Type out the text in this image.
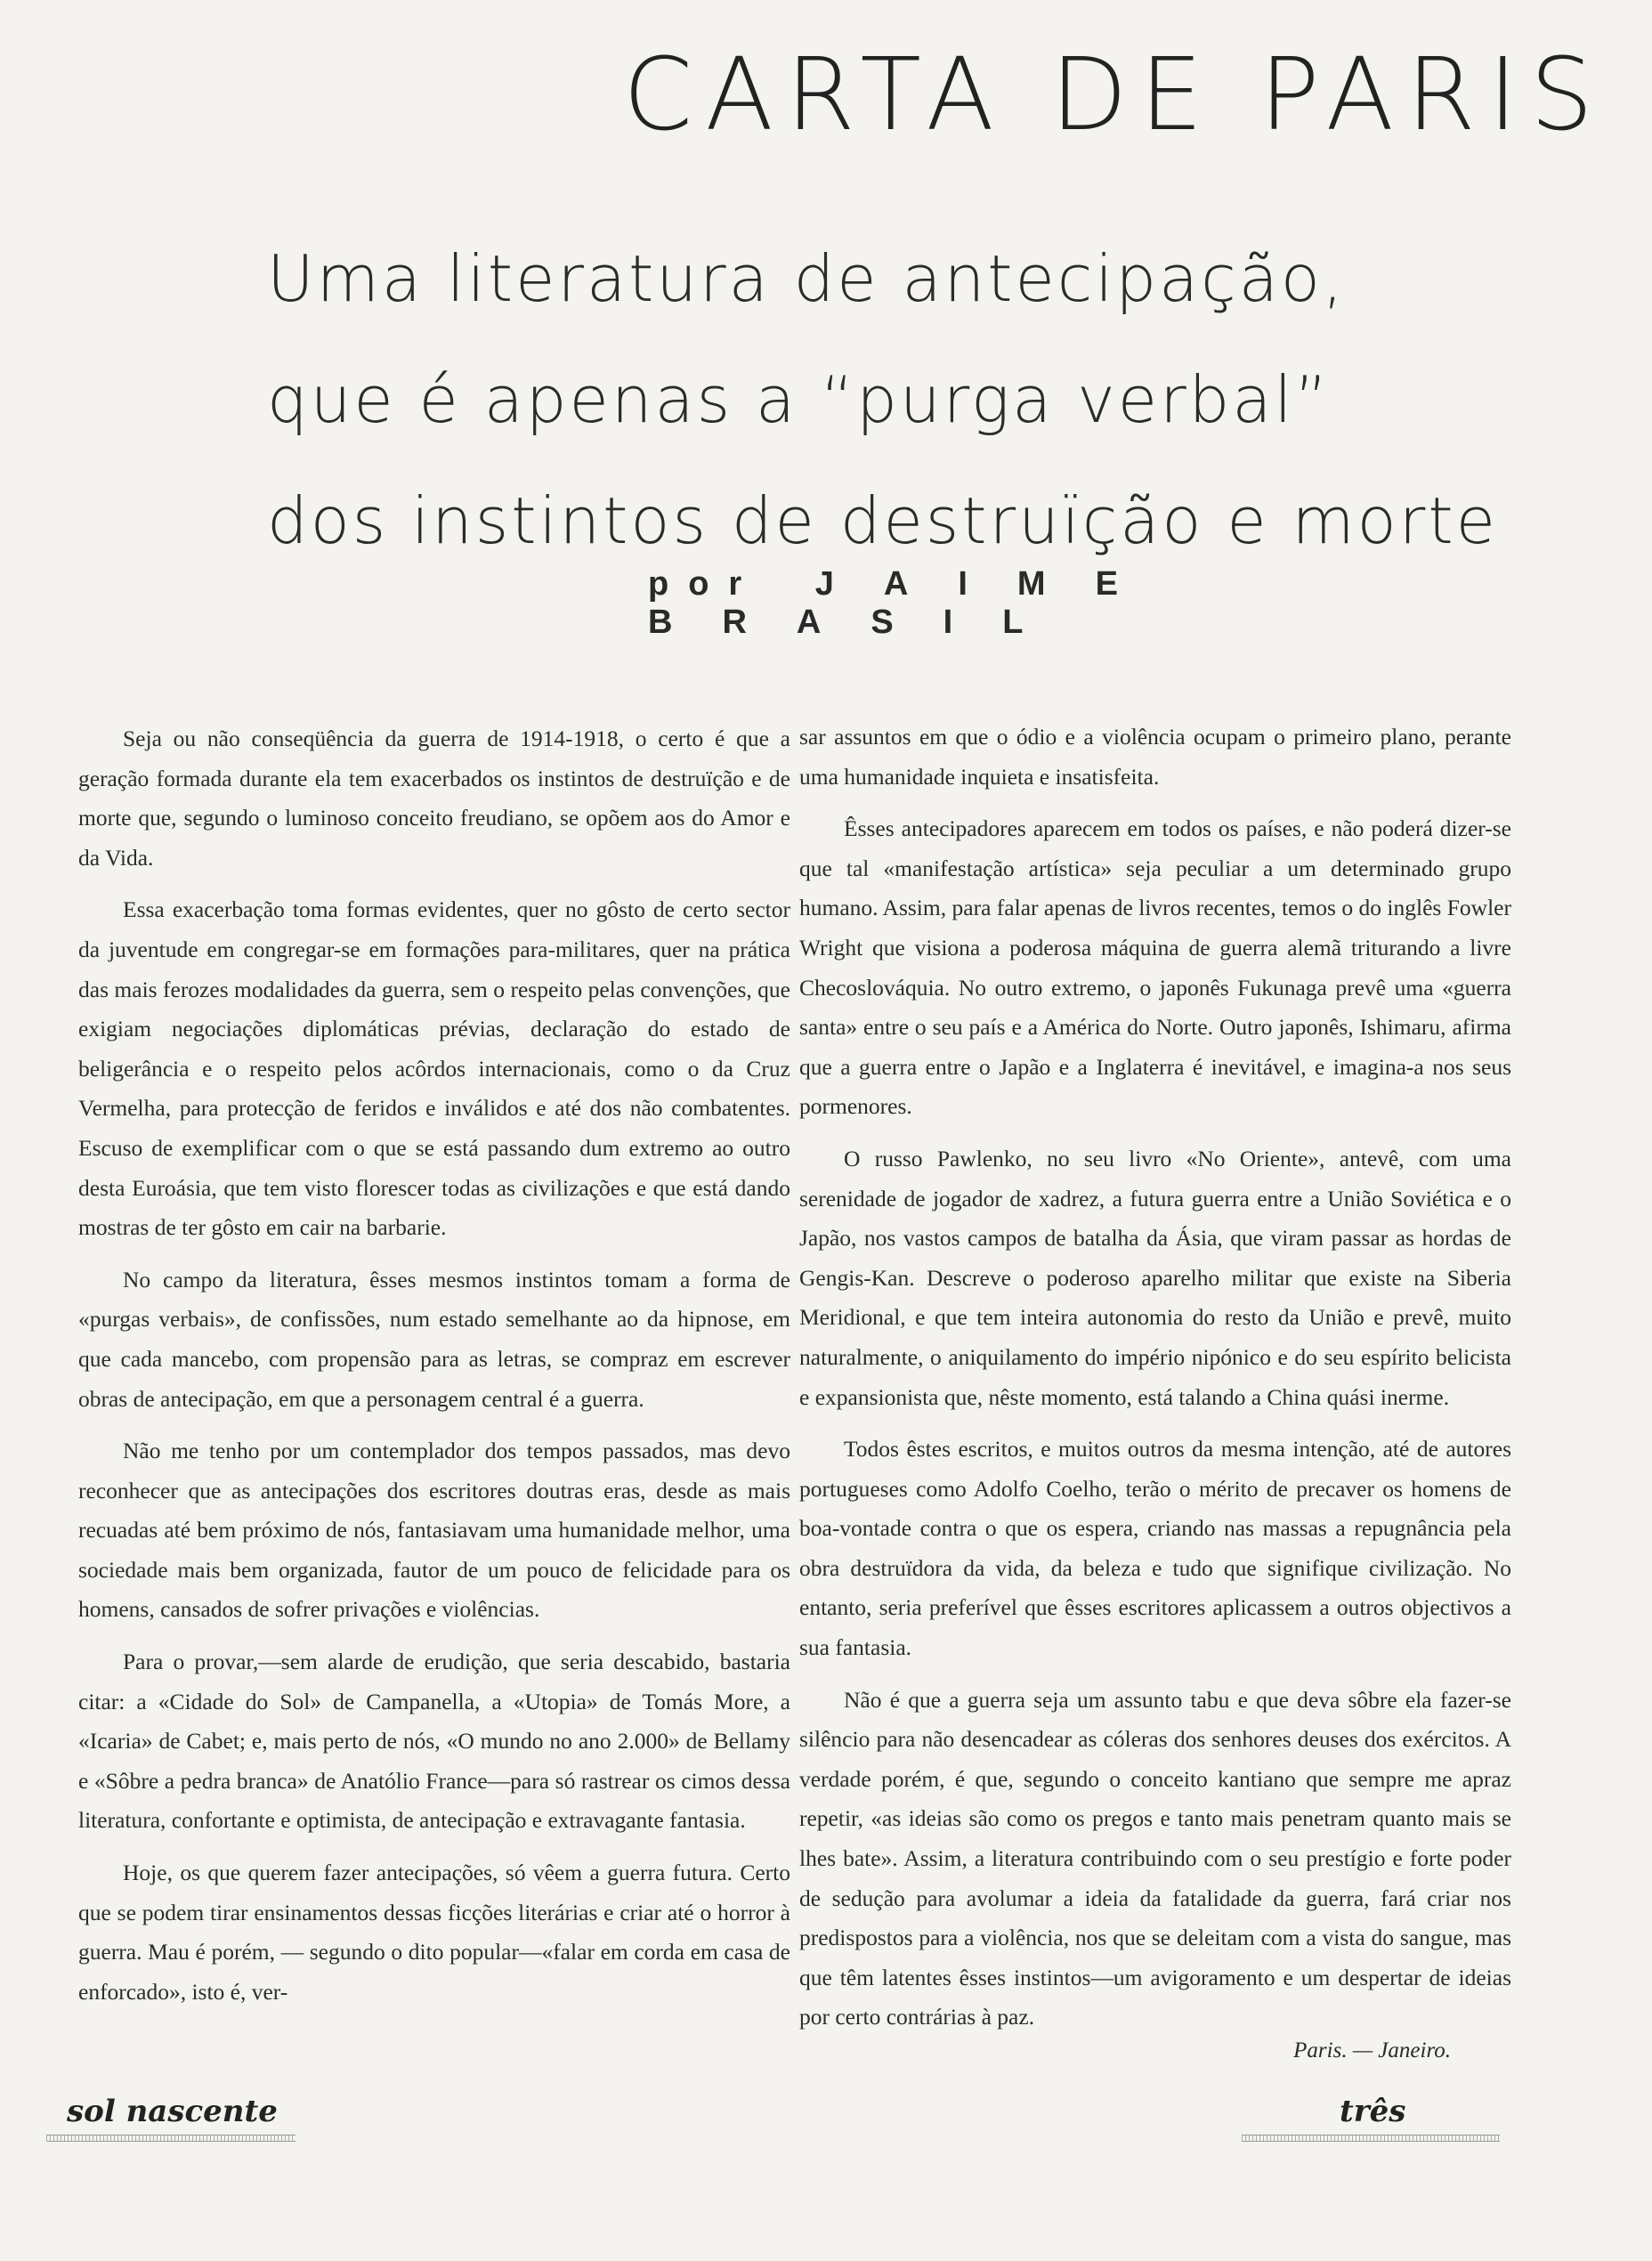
CARTA DE PARIS
Uma literatura de antecipação,
que é apenas a “purga verbal”
dos instintos de destruïção e morte

por JAIME BRASIL

Seja ou não conseqüência da guerra de 1914-1918, o certo é que a geração formada durante ela tem exacerbados os instintos de destruïção e de morte que, segundo o luminoso conceito freudiano, se opõem aos do Amor e da Vida.

Essa exacerbação toma formas evidentes, quer no gôsto de certo sector da juventude em congregar-se em formações para-militares, quer na prática das mais ferozes modalidades da guerra, sem o respeito pelas convenções, que exigiam negociações diplomáticas prévias, declaração do estado de beligerância e o respeito pelos acôrdos internacionais, como o da Cruz Vermelha, para protecção de feridos e inválidos e até dos não combatentes. Escuso de exemplificar com o que se está passando dum extremo ao outro desta Euroásia, que tem visto florescer todas as civilizações e que está dando mostras de ter gôsto em cair na barbarie.

No campo da literatura, êsses mesmos instintos tomam a forma de «purgas verbais», de confissões, num estado semelhante ao da hipnose, em que cada mancebo, com propensão para as letras, se compraz em escrever obras de antecipação, em que a personagem central é a guerra.

Não me tenho por um contemplador dos tempos passados, mas devo reconhecer que as antecipações dos escritores doutras eras, desde as mais recuadas até bem próximo de nós, fantasiavam uma humanidade melhor, uma sociedade mais bem organizada, fautor de um pouco de felicidade para os homens, cansados de sofrer privações e violências.

Para o provar,—sem alarde de erudição, que seria descabido, bastaria citar: a «Cidade do Sol» de Campanella, a «Utopia» de Tomás More, a «Icaria» de Cabet; e, mais perto de nós, «O mundo no ano 2.000» de Bellamy e «Sôbre a pedra branca» de Anatólio France—para só rastrear os cimos dessa literatura, confortante e optimista, de antecipação e extravagante fantasia.

Hoje, os que querem fazer antecipações, só vêem a guerra futura. Certo que se podem tirar ensinamentos dessas ficções literárias e criar até o horror à guerra. Mau é porém, — segundo o dito popular—«falar em corda em casa de enforcado», isto é, ver-

sar assuntos em que o ódio e a violência ocupam o primeiro plano, perante uma humanidade inquieta e insatisfeita.

Êsses antecipadores aparecem em todos os países, e não poderá dizer-se que tal «manifestação artística» seja peculiar a um determinado grupo humano. Assim, para falar apenas de livros recentes, temos o do inglês Fowler Wright que visiona a poderosa máquina de guerra alemã triturando a livre Checoslováquia. No outro extremo, o japonês Fukunaga prevê uma «guerra santa» entre o seu país e a América do Norte. Outro japonês, Ishimaru, afirma que a guerra entre o Japão e a Inglaterra é inevitável, e imagina-a nos seus pormenores.

O russo Pawlenko, no seu livro «No Oriente», antevê, com uma serenidade de jogador de xadrez, a futura guerra entre a União Soviética e o Japão, nos vastos campos de batalha da Ásia, que viram passar as hordas de Gengis-Kan. Descreve o poderoso aparelho militar que existe na Siberia Meridional, e que tem inteira autonomia do resto da União e prevê, muito naturalmente, o aniquilamento do império nipónico e do seu espírito belicista e expansionista que, nêste momento, está talando a China quási inerme.

Todos êstes escritos, e muitos outros da mesma intenção, até de autores portugueses como Adolfo Coelho, terão o mérito de precaver os homens de boa-vontade contra o que os espera, criando nas massas a repugnância pela obra destruïdora da vida, da beleza e tudo que signifique civilização. No entanto, seria preferível que êsses escritores aplicassem a outros objectivos a sua fantasia.

Não é que a guerra seja um assunto tabu e que deva sôbre ela fazer-se silêncio para não desencadear as cóleras dos senhores deuses dos exércitos. A verdade porém, é que, segundo o conceito kantiano que sempre me apraz repetir, «as ideias são como os pregos e tanto mais penetram quanto mais se lhes bate». Assim, a literatura contribuindo com o seu prestígio e forte poder de sedução para avolumar a ideia da fatalidade da guerra, fará criar nos predispostos para a violência, nos que se deleitam com a vista do sangue, mas que têm latentes êsses instintos—um avigoramento e um despertar de ideias por certo contrárias à paz.

Paris. — Janeiro.

sol nascente	três
